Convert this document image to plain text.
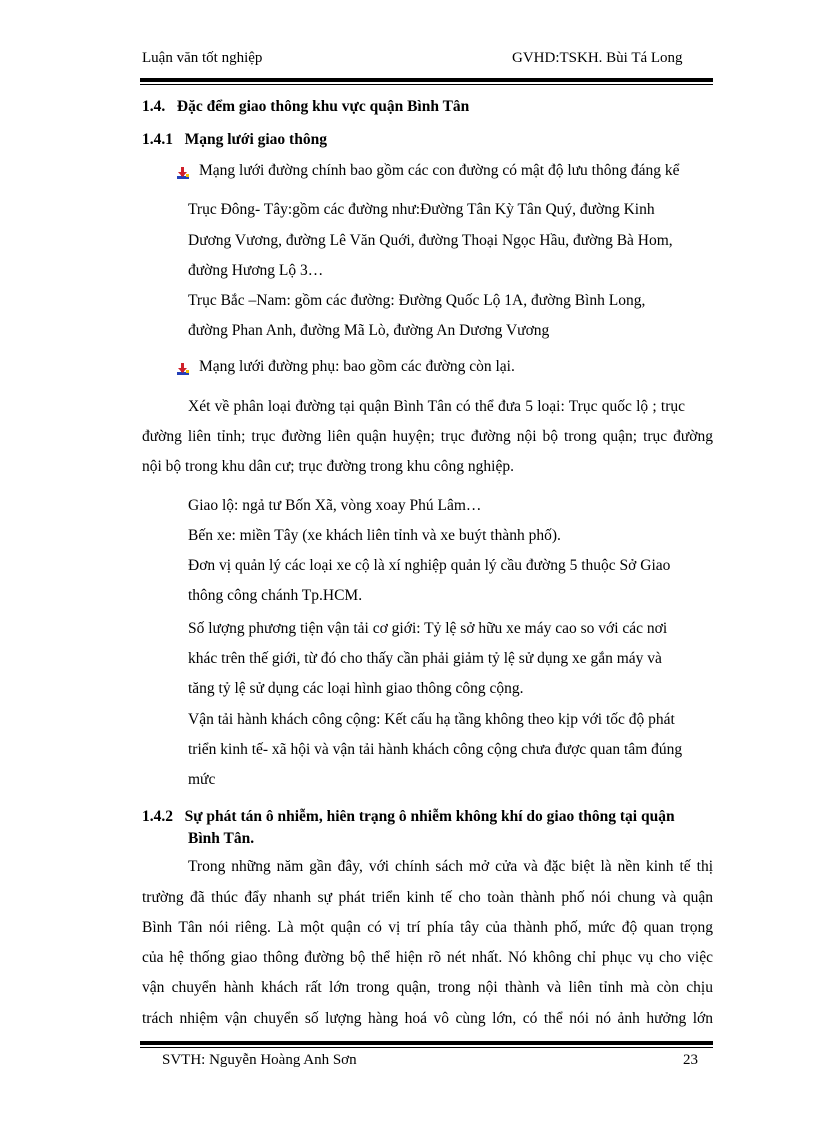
Luận văn tốt nghiệp	GVHD:TSKH. Bùi Tá Long
1.4. Đặc đểm giao thông khu vực quận Bình Tân
1.4.1 Mạng lưới giao thông
Mạng lưới đường chính bao gồm các con đường có mật độ lưu thông đáng kể
Trục Đông- Tây:gồm các đường như:Đường Tân Kỳ Tân Quý, đường Kinh
Dương Vương, đường Lê Văn Quới, đường Thoại Ngọc Hầu, đường Bà Hom,
đường Hương Lộ 3…
Trục Bắc –Nam: gồm các đường: Đường Quốc Lộ 1A, đường Bình Long,
đường Phan Anh, đường Mã Lò, đường An Dương Vương
Mạng lưới đường phụ: bao gồm các đường còn lại.
Xét về phân loại đường tại quận Bình Tân có thể đưa 5 loại: Trục quốc lộ ; trục
đường liên tỉnh; trục đường liên quận huyện; trục đường nội bộ trong quận; trục đường
nội bộ trong khu dân cư; trục đường trong khu công nghiệp.
Giao lộ: ngả tư Bốn Xã, vòng xoay Phú Lâm…
Bến xe: miền Tây (xe khách liên tỉnh và xe buýt thành phố).
Đơn vị quản lý các loại xe cộ là xí nghiệp quản lý cầu đường 5 thuộc Sở Giao
thông công chánh Tp.HCM.
Số lượng phương tiện vận tải cơ giới: Tỷ lệ sở hữu xe máy cao so với các nơi
khác trên thế giới, từ đó cho thấy cần phải giảm tỷ lệ sử dụng xe gắn máy và
tăng tỷ lệ sử dụng các loại hình giao thông công cộng.
Vận tải hành khách công cộng: Kết cấu hạ tầng không theo kịp với tốc độ phát
triển kinh tế- xã hội và vận tải hành khách công cộng chưa được quan tâm đúng
mức
1.4.2 Sự phát tán ô nhiễm, hiên trạng ô nhiễm không khí do giao thông tại quận
Bình Tân.
Trong những năm gần đây, với chính sách mở cửa và đặc biệt là nền kinh tế thị
trường đã thúc đẩy nhanh sự phát triển kinh tế cho toàn thành phố nói chung và quận
Bình Tân nói riêng. Là một quận có vị trí phía tây của thành phố, mức độ quan trọng
của hệ thống giao thông đường bộ thể hiện rõ nét nhất. Nó không chỉ phục vụ cho việc
vận chuyển hành khách rất lớn trong quận, trong nội thành và liên tỉnh mà còn chịu
trách nhiệm vận chuyển số lượng hàng hoá vô cùng lớn, có thể nói nó ảnh hưởng lớn
SVTH: Nguyễn Hoàng Anh Sơn	23
